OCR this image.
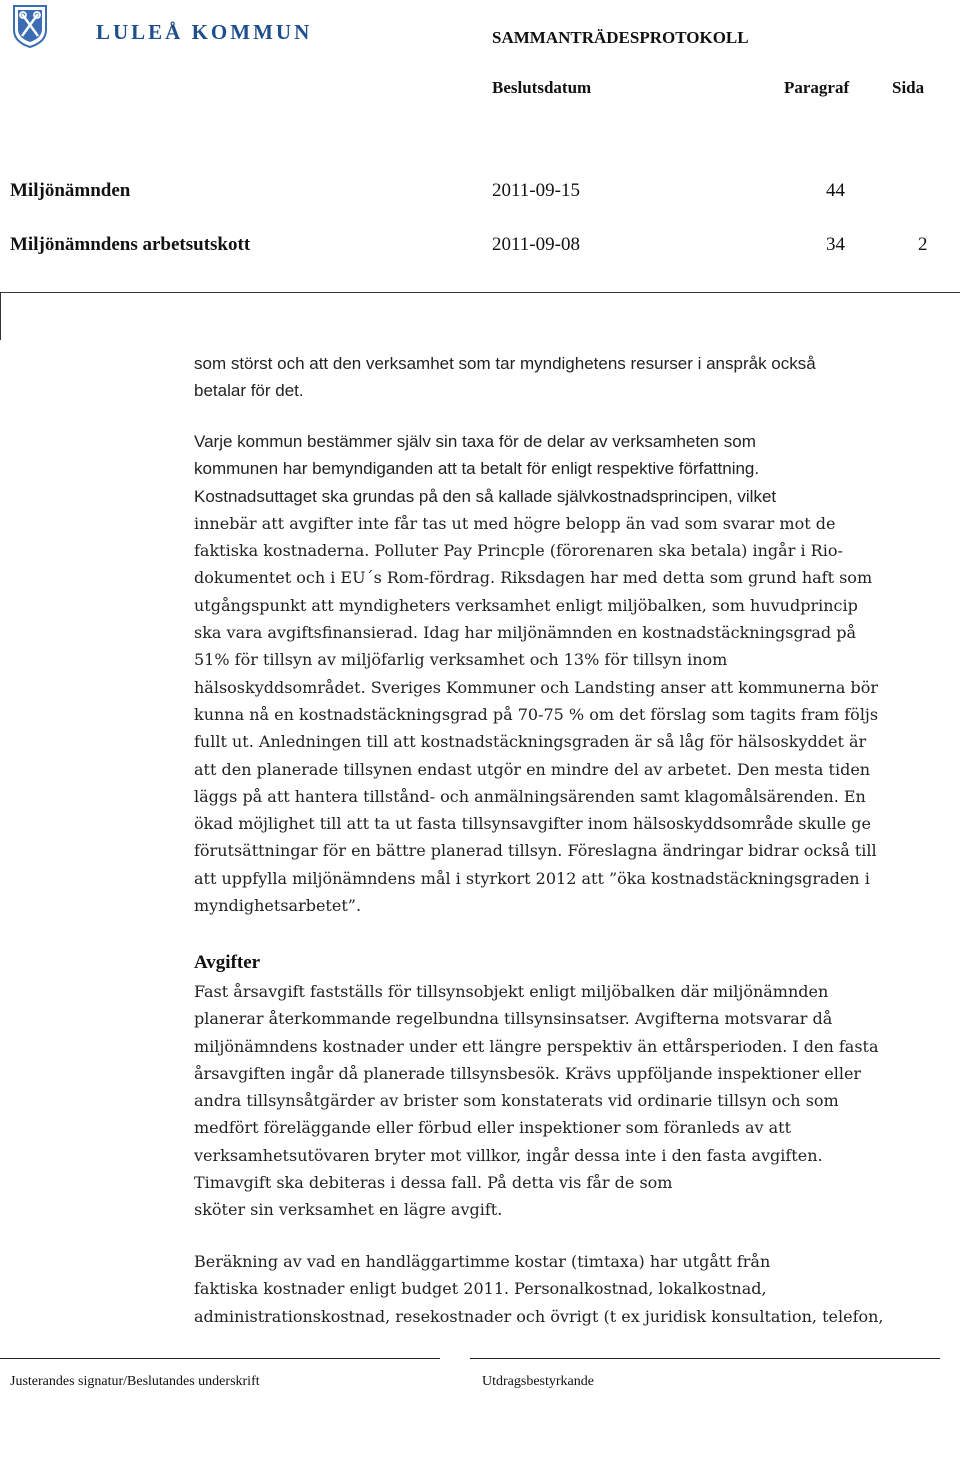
LULEÅ KOMMUN	SAMMANTRÄDESPROTOKOLL
Beslutsdatum	Paragraf	Sida
Miljönämnden	2011-09-15	44
Miljönämndens arbetsutskott	2011-09-08	34	2
som störst och att den verksamhet som tar myndighetens resurser i anspråk också
betalar för det.
Varje kommun bestämmer själv sin taxa för de delar av verksamheten som
kommunen har bemyndiganden att ta betalt för enligt respektive författning.
Kostnadsuttaget ska grundas på den så kallade självkostnadsprincipen, vilket
innebär att avgifter inte får tas ut med högre belopp än vad som svarar mot de
faktiska kostnaderna. Polluter Pay Princple (förorenaren ska betala) ingår i Rio-
dokumentet och i EU´s Rom-fördrag. Riksdagen har med detta som grund haft som
utgångspunkt att myndigheters verksamhet enligt miljöbalken, som huvudprincip
ska vara avgiftsfinansierad. Idag har miljönämnden en kostnadstäckningsgrad på
51% för tillsyn av miljöfarlig verksamhet och 13% för tillsyn inom
hälsoskyddsområdet. Sveriges Kommuner och Landsting anser att kommunerna bör
kunna nå en kostnadstäckningsgrad på 70-75 % om det förslag som tagits fram följs
fullt ut. Anledningen till att kostnadstäckningsgraden är så låg för hälsoskyddet är
att den planerade tillsynen endast utgör en mindre del av arbetet. Den mesta tiden
läggs på att hantera tillstånd- och anmälningsärenden samt klagomålsärenden. En
ökad möjlighet till att ta ut fasta tillsynsavgifter inom hälsoskyddsområde skulle ge
förutsättningar för en bättre planerad tillsyn. Föreslagna ändringar bidrar också till
att uppfylla miljönämndens mål i styrkort 2012 att ”öka kostnadstäckningsgraden i
myndighetsarbetet”.
Avgifter
Fast årsavgift fastställs för tillsynsobjekt enligt miljöbalken där miljönämnden
planerar återkommande regelbundna tillsynsinsatser. Avgifterna motsvarar då
miljönämndens kostnader under ett längre perspektiv än ettårsperioden. I den fasta
årsavgiften ingår då planerade tillsynsbesök. Krävs uppföljande inspektioner eller
andra tillsynsåtgärder av brister som konstaterats vid ordinarie tillsyn och som
medfört föreläggande eller förbud eller inspektioner som föranleds av att
verksamhetsutövaren bryter mot villkor, ingår dessa inte i den fasta avgiften.
Timavgift ska debiteras i dessa fall. På detta vis får de som
sköter sin verksamhet en lägre avgift.
Beräkning av vad en handläggartimme kostar (timtaxa) har utgått från
faktiska kostnader enligt budget 2011. Personalkostnad, lokalkostnad,
administrationskostnad, resekostnader och övrigt (t ex juridisk konsultation, telefon,
Justerandes signatur/Beslutandes underskrift	Utdragsbestyrkande
